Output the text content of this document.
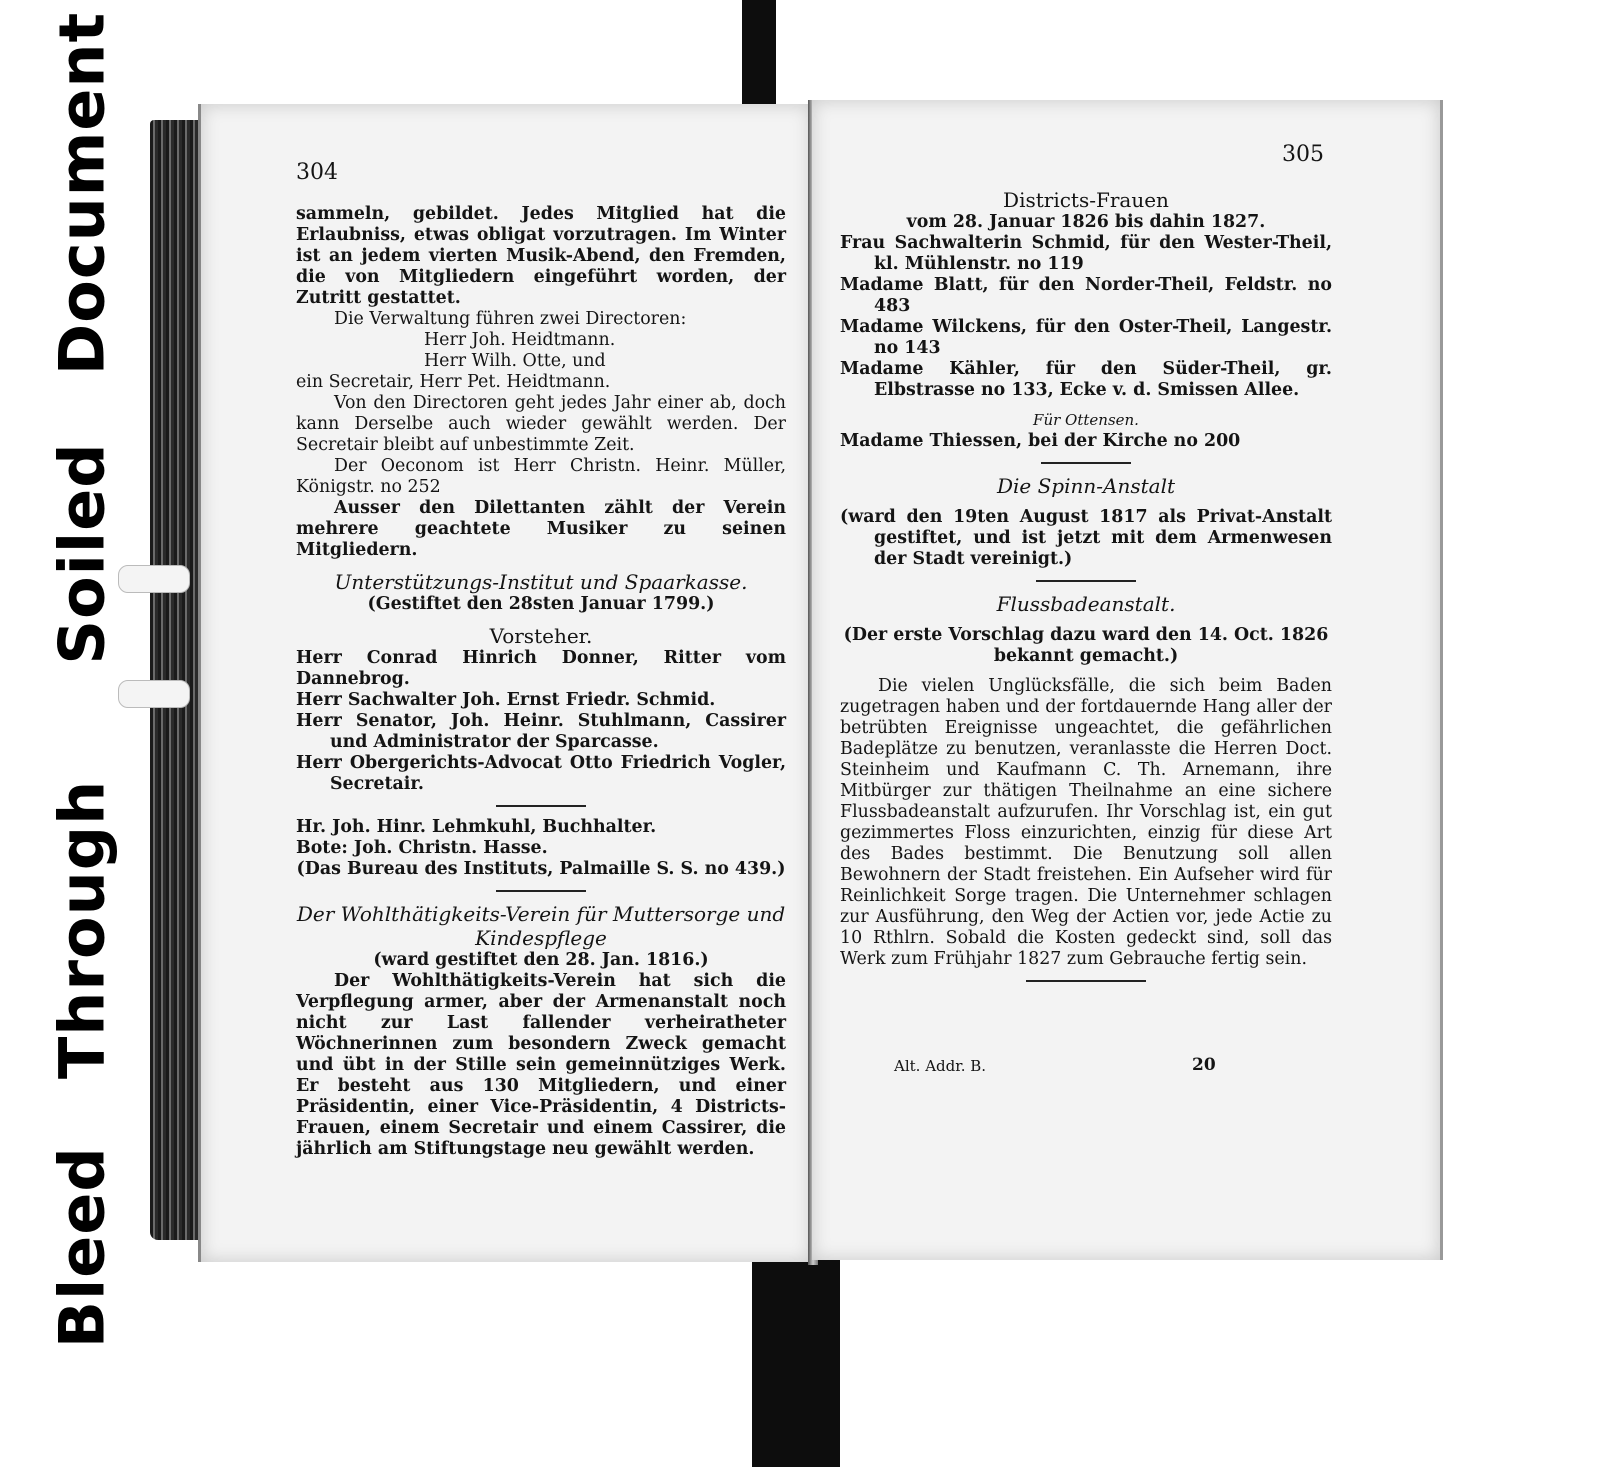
Bleed  Through  Soiled  Document	304

sammeln, gebildet. Jedes Mitglied hat die Erlaubniss, etwas obligat vorzutragen. Im Winter ist an jedem vierten Musik-Abend, den Fremden, die von Mitgliedern eingeführt worden, der Zutritt gestattet.

Die Verwaltung führen zwei Directoren:

Herr Joh. Heidtmann.

Herr Wilh. Otte, und

ein Secretair, Herr Pet. Heidtmann.

Von den Directoren geht jedes Jahr einer ab, doch kann Derselbe auch wieder gewählt werden. Der Secretair bleibt auf unbestimmte Zeit.

Der Oeconom ist Herr Christn. Heinr. Müller, Königstr. no 252

Ausser den Dilettanten zählt der Verein mehrere geachtete Musiker zu seinen Mitgliedern.

Unterstützungs-Institut und Spaarkasse.

(Gestiftet den 28sten Januar 1799.)

Vorsteher.

Herr Conrad Hinrich Donner, Ritter vom Dannebrog.

Herr Sachwalter Joh. Ernst Friedr. Schmid.

Herr Senator, Joh. Heinr. Stuhlmann, Cassirer und Administrator der Sparcasse.

Herr Obergerichts-Advocat Otto Friedrich Vogler, Secretair.

Hr. Joh. Hinr. Lehmkuhl, Buchhalter.

Bote: Joh. Christn. Hasse.

(Das Bureau des Instituts, Palmaille S. S. no 439.)

Der Wohlthätigkeits-Verein für Muttersorge und Kindespflege

(ward gestiftet den 28. Jan. 1816.)

Der Wohlthätigkeits-Verein hat sich die Verpflegung armer, aber der Armenanstalt noch nicht zur Last fallender verheiratheter Wöchnerinnen zum besondern Zweck gemacht und übt in der Stille sein gemeinnütziges Werk. Er besteht aus 130 Mitgliedern, und einer Präsidentin, einer Vice-Präsidentin, 4 Districts-Frauen, einem Secretair und einem Cassirer, die jährlich am Stiftungstage neu gewählt werden.

305

Districts-Frauen

vom 28. Januar 1826 bis dahin 1827.

Frau Sachwalterin Schmid, für den Wester-Theil, kl. Mühlenstr. no 119

Madame Blatt, für den Norder-Theil, Feldstr. no 483

Madame Wilckens, für den Oster-Theil, Langestr. no 143

Madame Kähler, für den Süder-Theil, gr. Elbstrasse no 133, Ecke v. d. Smissen Allee.

Für Ottensen.

Madame Thiessen, bei der Kirche no 200

Die Spinn-Anstalt

(ward den 19ten August 1817 als Privat-Anstalt gestiftet, und ist jetzt mit dem Armenwesen der Stadt vereinigt.)

Flussbadeanstalt.

(Der erste Vorschlag dazu ward den 14. Oct. 1826 bekannt gemacht.)

Die vielen Unglücksfälle, die sich beim Baden zugetragen haben und der fortdauernde Hang aller der betrübten Ereignisse ungeachtet, die gefährlichen Badeplätze zu benutzen, veranlasste die Herren Doct. Steinheim und Kaufmann C. Th. Arnemann, ihre Mitbürger zur thätigen Theilnahme an eine sichere Flussbadeanstalt aufzurufen. Ihr Vorschlag ist, ein gut gezimmertes Floss einzurichten, einzig für diese Art des Bades bestimmt. Die Benutzung soll allen Bewohnern der Stadt freistehen. Ein Aufseher wird für Reinlichkeit Sorge tragen. Die Unternehmer schlagen zur Ausführung, den Weg der Actien vor, jede Actie zu 10 Rthlrn. Sobald die Kosten gedeckt sind, soll das Werk zum Frühjahr 1827 zum Gebrauche fertig sein.

Alt. Addr. B.	20
